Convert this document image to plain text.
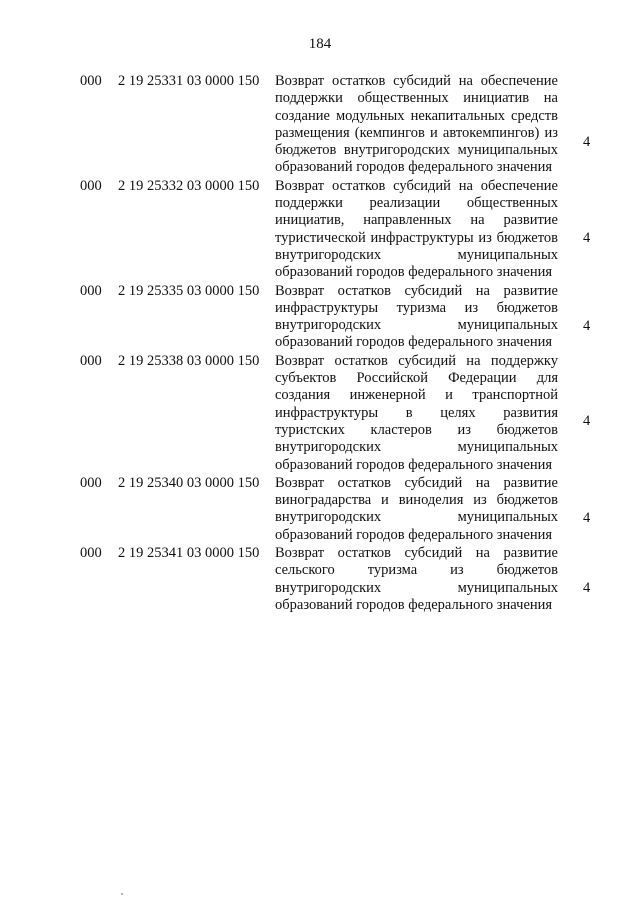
184
000 2 19 25331 03 0000 150 Возврат остатков субсидий на обеспечение поддержки общественных инициатив на создание модульных некапитальных средств размещения (кемпингов и автокемпингов) из бюджетов внутригородских муниципальных образований городов федерального значения
4
000 2 19 25332 03 0000 150 Возврат остатков субсидий на обеспечение поддержки реализации общественных инициатив, направленных на развитие туристической инфраструктуры из бюджетов внутригородских муниципальных образований городов федерального значения
4
000 2 19 25335 03 0000 150 Возврат остатков субсидий на развитие инфраструктуры туризма из бюджетов внутригородских муниципальных образований городов федерального значения
4
000 2 19 25338 03 0000 150 Возврат остатков субсидий на поддержку субъектов Российской Федерации для создания инженерной и транспортной инфраструктуры в целях развития туристских кластеров из бюджетов внутригородских муниципальных образований городов федерального значения
4
000 2 19 25340 03 0000 150 Возврат остатков субсидий на развитие виноградарства и виноделия из бюджетов внутригородских муниципальных образований городов федерального значения
4
000 2 19 25341 03 0000 150 Возврат остатков субсидий на развитие сельского туризма из бюджетов внутригородских муниципальных образований городов федерального значения
4
